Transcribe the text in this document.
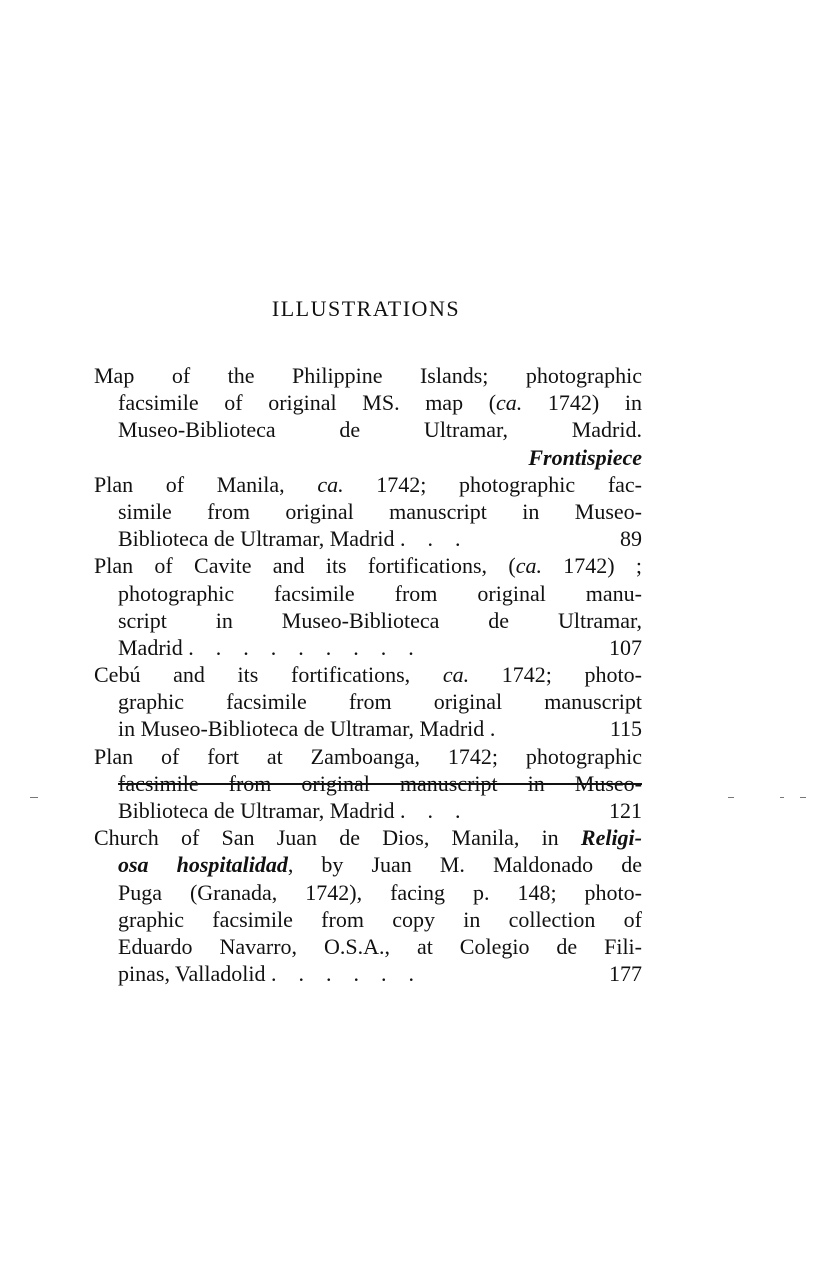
ILLUSTRATIONS
Map of the Philippine Islands; photographic
facsimile of original MS. map (ca. 1742) in
Museo-Biblioteca de Ultramar, Madrid.
Frontispiece
Plan of Manila, ca. 1742; photographic fac-
simile from original manuscript in Museo-
Biblioteca de Ultramar, Madrid .    .    .	89
Plan of Cavite and its fortifications, (ca. 1742) ;
photographic facsimile from original manu-
script in Museo-Biblioteca de Ultramar,
Madrid .    .    .    .    .    .    .    .    .	107
Cebú and its fortifications, ca. 1742; photo-
graphic facsimile from original manuscript
in Museo-Biblioteca de Ultramar, Madrid .	115
Plan of fort at Zamboanga, 1742; photographic
facsimile from original manuscript in Museo-
Biblioteca de Ultramar, Madrid .    .    .	121
Church of San Juan de Dios, Manila, in Religi-
osa hospitalidad, by Juan M. Maldonado de
Puga (Granada, 1742), facing p. 148; photo-
graphic facsimile from copy in collection of
Eduardo Navarro, O.S.A., at Colegio de Fili-
pinas, Valladolid .    .    .    .    .    .	177
